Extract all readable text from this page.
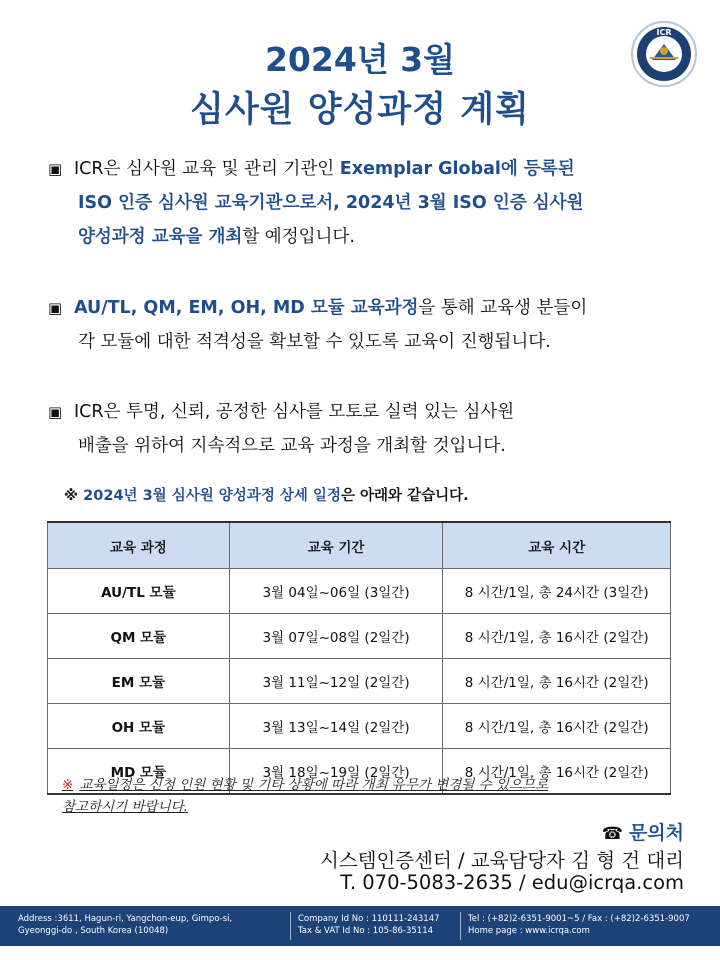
2024년 3월
심사원 양성과정 계획
ICR
▣ ICR은 심사원 교육 및 관리 기관인 Exemplar Global에 등록된
ISO 인증 심사원 교육기관으로서, 2024년 3월 ISO 인증 심사원
양성과정 교육을 개최할 예정입니다.
▣ AU/TL, QM, EM, OH, MD 모듈 교육과정을 통해 교육생 분들이
각 모듈에 대한 적격성을 확보할 수 있도록 교육이 진행됩니다.
▣ ICR은 투명, 신뢰, 공정한 심사를 모토로 실력 있는 심사원
배출을 위하여 지속적으로 교육 과정을 개최할 것입니다.
※ 2024년 3월 심사원 양성과정 상세 일정은 아래와 같습니다.
교육 과정	교육 기간	교육 시간
AU/TL 모듈	3월 04일~06일 (3일간)	8 시간/1일, 총 24시간 (3일간)
QM 모듈	3월 07일~08일 (2일간)	8 시간/1일, 총 16시간 (2일간)
EM 모듈	3월 11일~12일 (2일간)	8 시간/1일, 총 16시간 (2일간)
OH 모듈	3월 13일~14일 (2일간)	8 시간/1일, 총 16시간 (2일간)
MD 모듈	3월 18일~19일 (2일간)	8 시간/1일, 총 16시간 (2일간)
※ 교육일정은 신청 인원 현황 및 기타 상황에 따라 개최 유무가 변경될 수 있으므로
참고하시기 바랍니다.
☎ 문의처
시스템인증센터 / 교육담당자 김 형 건 대리
T. 070-5083-2635 / edu@icrqa.com
Address :3611, Hagun-ri, Yangchon-eup, Gimpo-si,
Gyeonggi-do , South Korea (10048)
Company Id No : 110111-243147
Tax & VAT Id No : 105-86-35114
Tel : (+82)2-6351-9001~5 / Fax : (+82)2-6351-9007
Home page : www.icrqa.com
